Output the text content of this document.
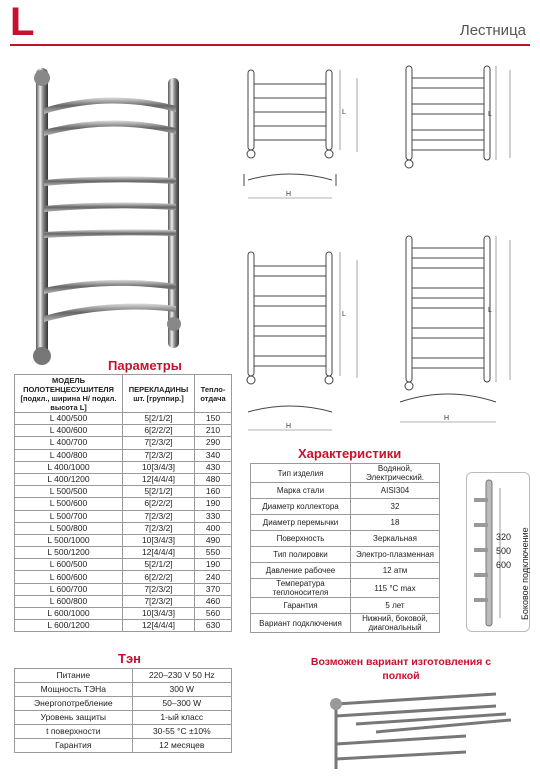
L	Лестница
L
H
L
L
H
L
H
Параметры
МОДЕЛЬ ПОЛОТЕНЦЕСУШИТЕЛЯ [подкл., ширина Н/ подкл. высота L]	ПЕРЕКЛАДИНЫ шт. [группир.]	Тепло-отдача
L 400/500	5[2/1/2]	150
L 400/600	6[2/2/2]	210
L 400/700	7[2/3/2]	290
L 400/800	7[2/3/2]	340
L 400/1000	10[3/4/3]	430
L 400/1200	12[4/4/4]	480
L 500/500	5[2/1/2]	160
L 500/600	6[2/2/2]	190
L 500/700	7[2/3/2]	330
L 500/800	7[2/3/2]	400
L 500/1000	10[3/4/3]	490
L 500/1200	12[4/4/4]	550
L 600/500	5[2/1/2]	190
L 600/600	6[2/2/2]	240
L 600/700	7[2/3/2]	370
L 600/800	7[2/3/2]	460
L 600/1000	10[3/4/3]	560
L 600/1200	12[4/4/4]	630
Тэн
Питание	220–230 V 50 Hz
Мощность ТЭНа	300 W
Энергопотребление	50–300 W
Уровень защиты	1-ый класс
t поверхности	30-55 °C ±10%
Гарантия	12 месяцев
Характеристики
Тип изделия	Водяной, Электрический.
Марка стали	AISI304
Диаметр коллектора	32
Диаметр перемычки	18
Поверхность	Зеркальная
Тип полировки	Электро-плазменная
Давление рабочее	12 атм
Температура теплоносителя	115 °C max
Гарантия	5 лет
Вариант подключения	Нижний, боковой, диагональный
320
500
600 Боковое подключение
Возможен вариант изготовления с полкой
